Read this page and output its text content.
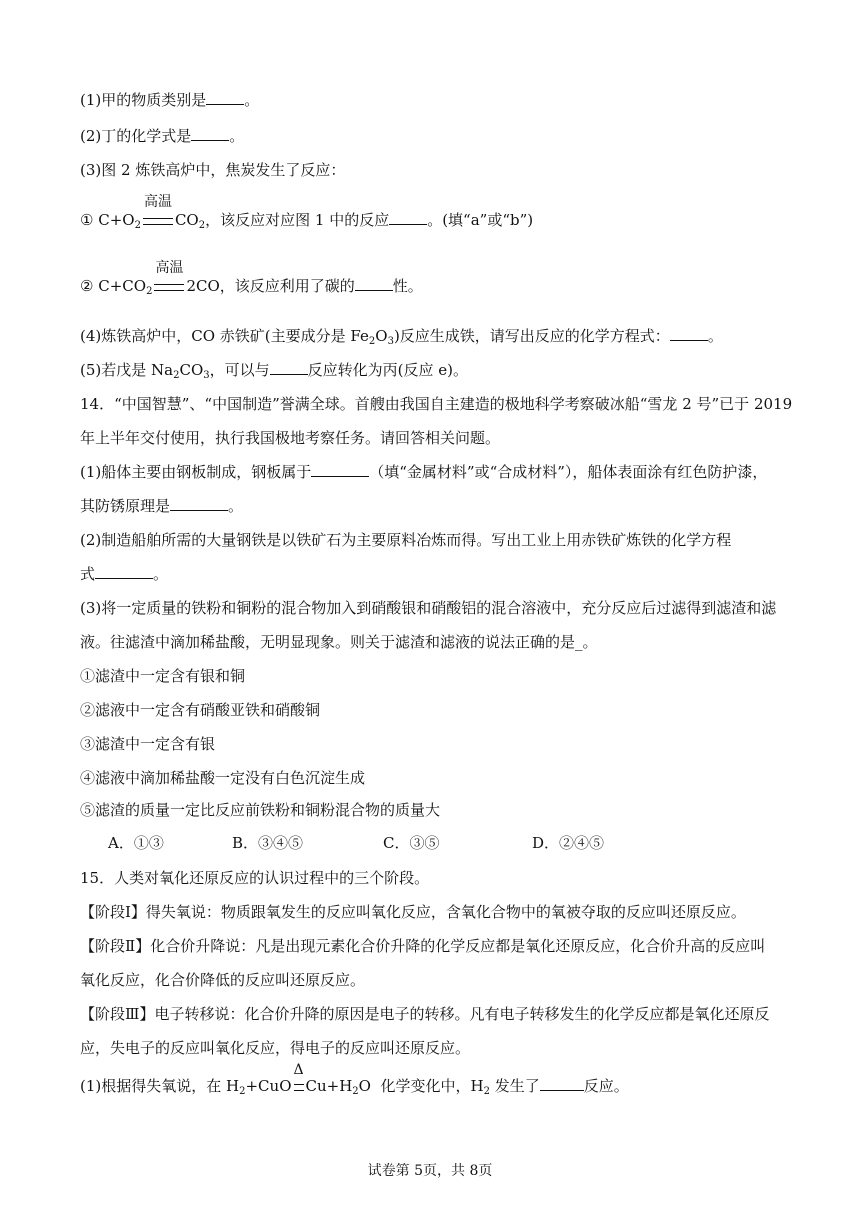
(1)甲的物质类别是	。
(2)丁的化学式是	。
(3)图 2 炼铁高炉中，焦炭发生了反应：
① $C+O_2$
高温
$CO_2$，该反应对应图 1 中的反应	。(填“a”或“b”)
② $C+CO_2$
高温
2CO，该反应利用了碳的	性。
(4)炼铁高炉中，CO 赤铁矿(主要成分是 $Fe_2O_3$)反应生成铁，请写出反应的化学方程式：	。
(5)若戊是 $Na_2CO_3$，可以与	反应转化为丙(反应 e)。
14．“中国智慧”、“中国制造”誉满全球。首艘由我国自主建造的极地科学考察破冰船“雪龙 2 号”已于 2019
年上半年交付使用，执行我国极地考察任务。请回答相关问题。
(1)船体主要由钢板制成，钢板属于	（填“金属材料”或“合成材料”），船体表面涂有红色防护漆，
其防锈原理是	。
(2)制造船舶所需的大量钢铁是以铁矿石为主要原料冶炼而得。写出工业上用赤铁矿炼铁的化学方程
式	。
(3)将一定质量的铁粉和铜粉的混合物加入到硝酸银和硝酸铝的混合溶液中，充分反应后过滤得到滤渣和滤
液。往滤渣中滴加稀盐酸，无明显现象。则关于滤渣和滤液的说法正确的是_。
①滤渣中一定含有银和铜
②滤液中一定含有硝酸亚铁和硝酸铜
③滤渣中一定含有银
④滤液中滴加稀盐酸一定没有白色沉淀生成
⑤滤渣的质量一定比反应前铁粉和铜粉混合物的质量大
A．①③	B．③④⑤	C．③⑤	D．②④⑤
15．人类对氧化还原反应的认识过程中的三个阶段。
【阶段Ⅰ】得失氧说：物质跟氧发生的反应叫氧化反应，含氧化合物中的氧被夺取的反应叫还原反应。
【阶段Ⅱ】化合价升降说：凡是出现元素化合价升降的化学反应都是氧化还原反应，化合价升高的反应叫
氧化反应，化合价降低的反应叫还原反应。
【阶段Ⅲ】电子转移说：化合价升降的原因是电子的转移。凡有电子转移发生的化学反应都是氧化还原反
应，失电子的反应叫氧化反应，得电子的反应叫还原反应。
(1)根据得失氧说，在 $H_2+CuO$
Δ
$Cu+H_2O$ 化学变化中，$H_2$ 发生了	反应。
试卷第 5页，共 8页
